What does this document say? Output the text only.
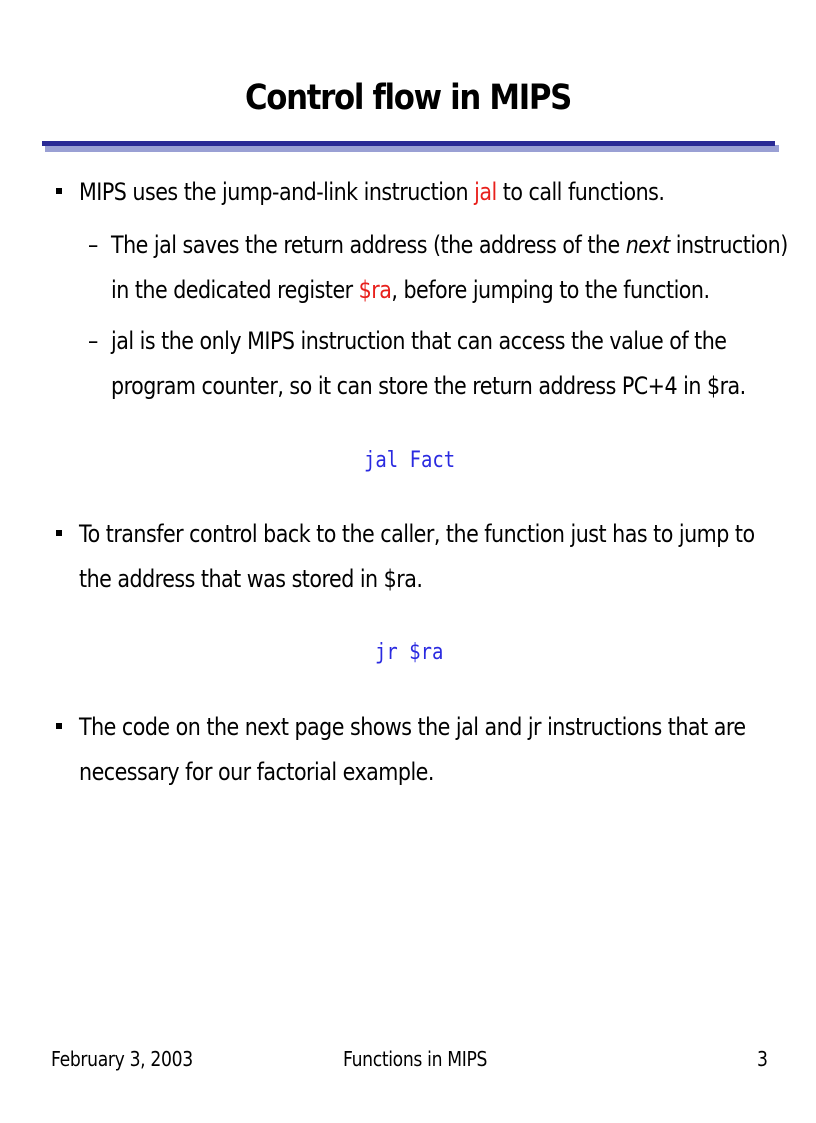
Control flow in MIPS
MIPS uses the jump-and-link instruction jal to call functions.
– The jal saves the return address (the address of the next instruction)
in the dedicated register $ra, before jumping to the function.
– jal is the only MIPS instruction that can access the value of the
program counter, so it can store the return address PC+4 in $ra.
jal Fact
To transfer control back to the caller, the function just has to jump to
the address that was stored in $ra.
jr $ra
The code on the next page shows the jal and jr instructions that are
necessary for our factorial example.
February 3, 2003	Functions in MIPS	3
